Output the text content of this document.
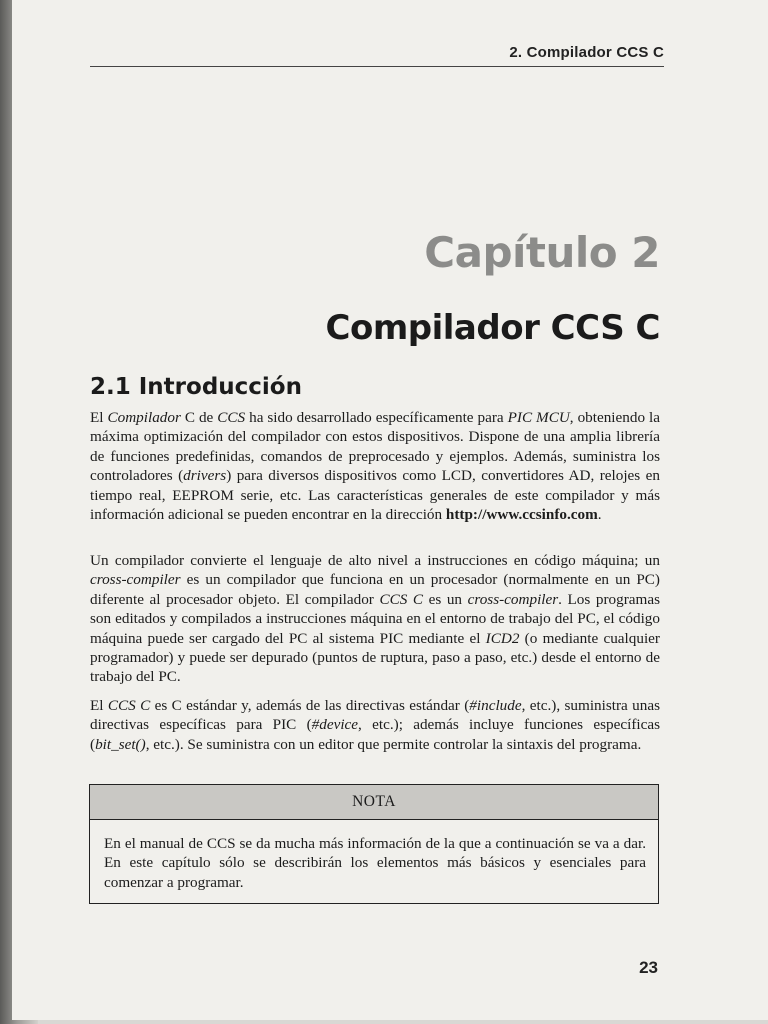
2. Compilador CCS C
Capítulo 2
Compilador CCS C
2.1 Introducción

El Compilador C de CCS ha sido desarrollado específicamente para PIC MCU, obteniendo la máxima optimización del compilador con estos dispositivos. Dispone de una amplia librería de funciones predefinidas, comandos de preprocesado y ejemplos. Además, suministra los controladores (drivers) para diversos dispositivos como LCD, convertidores AD, relojes en tiempo real, EEPROM serie, etc. Las características generales de este compilador y más información adicional se pueden encontrar en la dirección http://www.ccsinfo.com.

Un compilador convierte el lenguaje de alto nivel a instrucciones en código máquina; un cross-compiler es un compilador que funciona en un procesador (normalmente en un PC) diferente al procesador objeto. El compilador CCS C es un cross-compiler. Los programas son editados y compilados a instrucciones máquina en el entorno de trabajo del PC, el código máquina puede ser cargado del PC al sistema PIC mediante el ICD2 (o mediante cualquier programador) y puede ser depurado (puntos de ruptura, paso a paso, etc.) desde el entorno de trabajo del PC.

El CCS C es C estándar y, además de las directivas estándar (#include, etc.), suministra unas directivas específicas para PIC (#device, etc.); además incluye funciones específicas (bit_set(), etc.). Se suministra con un editor que permite controlar la sintaxis del programa.

NOTA

En el manual de CCS se da mucha más información de la que a continuación se va a dar. En este capítulo sólo se describirán los elementos más básicos y esenciales para comenzar a programar.

23
